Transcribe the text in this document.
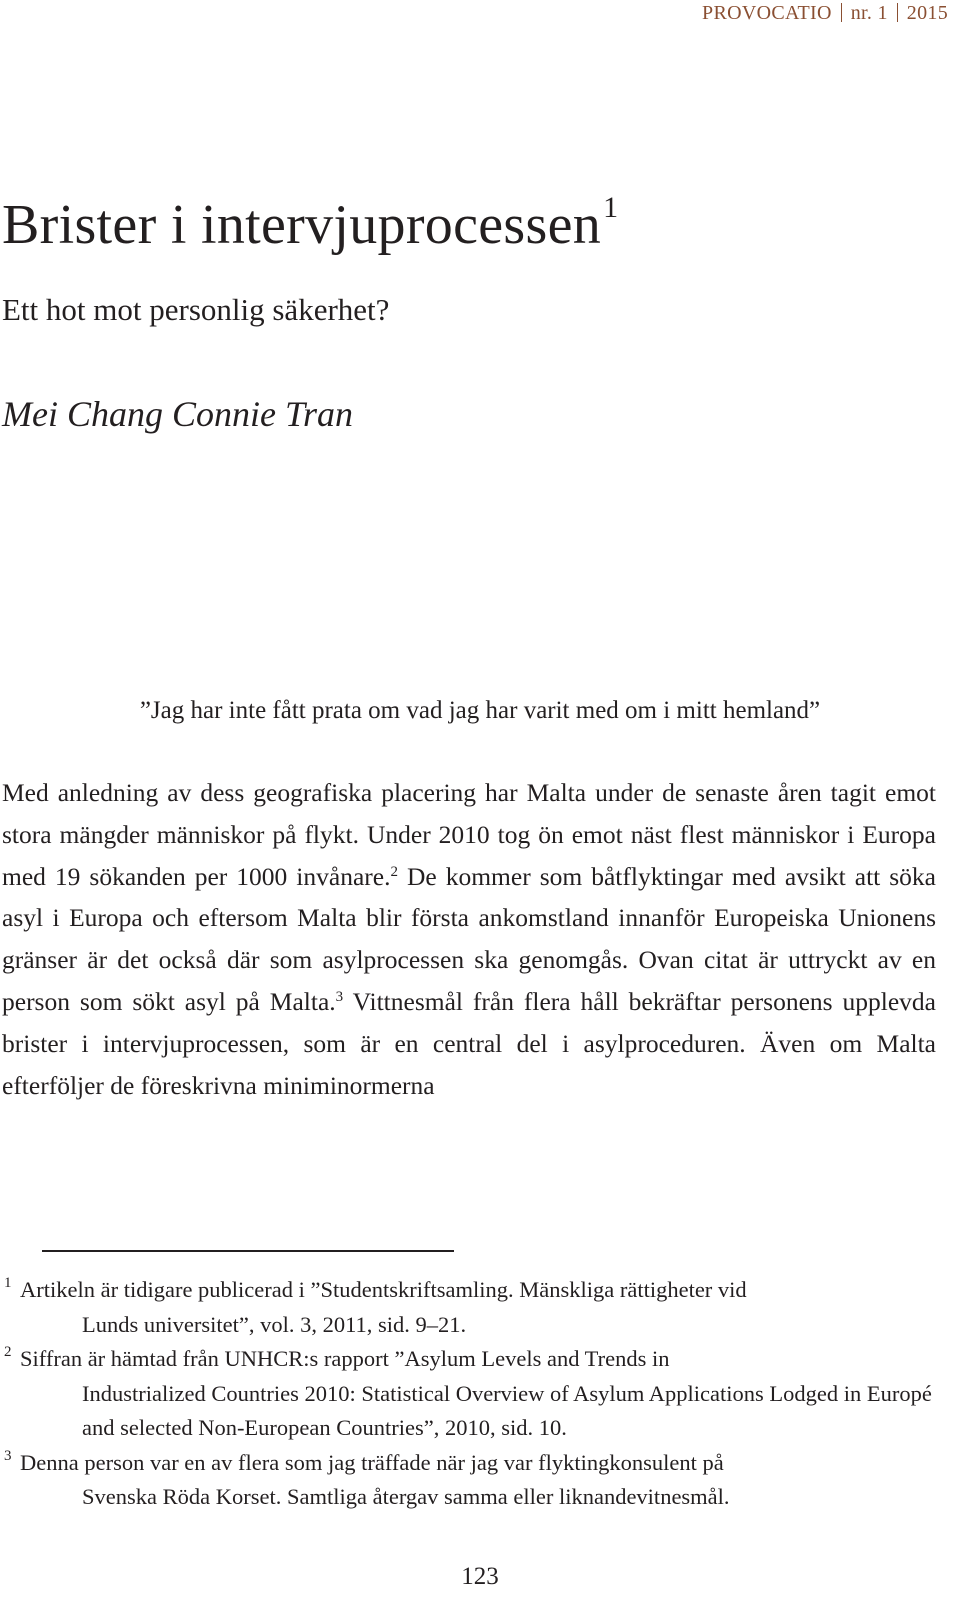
PROVOCATIO nr. 1 2015
Brister i intervjuprocessen$^1$
Ett hot mot personlig säkerhet?
Mei Chang Connie Tran
”Jag har inte fått prata om vad jag har varit med om i mitt hemland”

Med anledning av dess geografiska placering har Malta under de senaste åren tagit emot stora mängder människor på flykt. Under 2010 tog ön emot näst flest människor i Europa med 19 sökanden per 1000 invånare.$^2$ De kommer som båtflyktingar med avsikt att söka asyl i Europa och eftersom Malta blir första ankomstland innanför Europeiska Unionens gränser är det också där som asylprocessen ska genomgås. Ovan citat är uttryckt av en person som sökt asyl på Malta.$^3$ Vittnesmål från flera håll bekräftar personens upplevda brister i intervjuprocessen, som är en central del i asylproceduren. Även om Malta efterföljer de föreskrivna miniminormerna

1 Artikeln är tidigare publicerad i ”Studentskriftsamling. Mänskliga rättigheter vid
Lunds universitet”, vol. 3, 2011, sid. 9–21.
2 Siffran är hämtad från UNHCR:s rapport ”Asylum Levels and Trends in
Industrialized Countries 2010: Statistical Overview of Asylum Applications Lodged in Europé and selected Non-European Countries”, 2010, sid. 10.
3 Denna person var en av flera som jag träffade när jag var flyktingkonsulent på
Svenska Röda Korset. Samtliga återgav samma eller liknandevitnesmål.
123
